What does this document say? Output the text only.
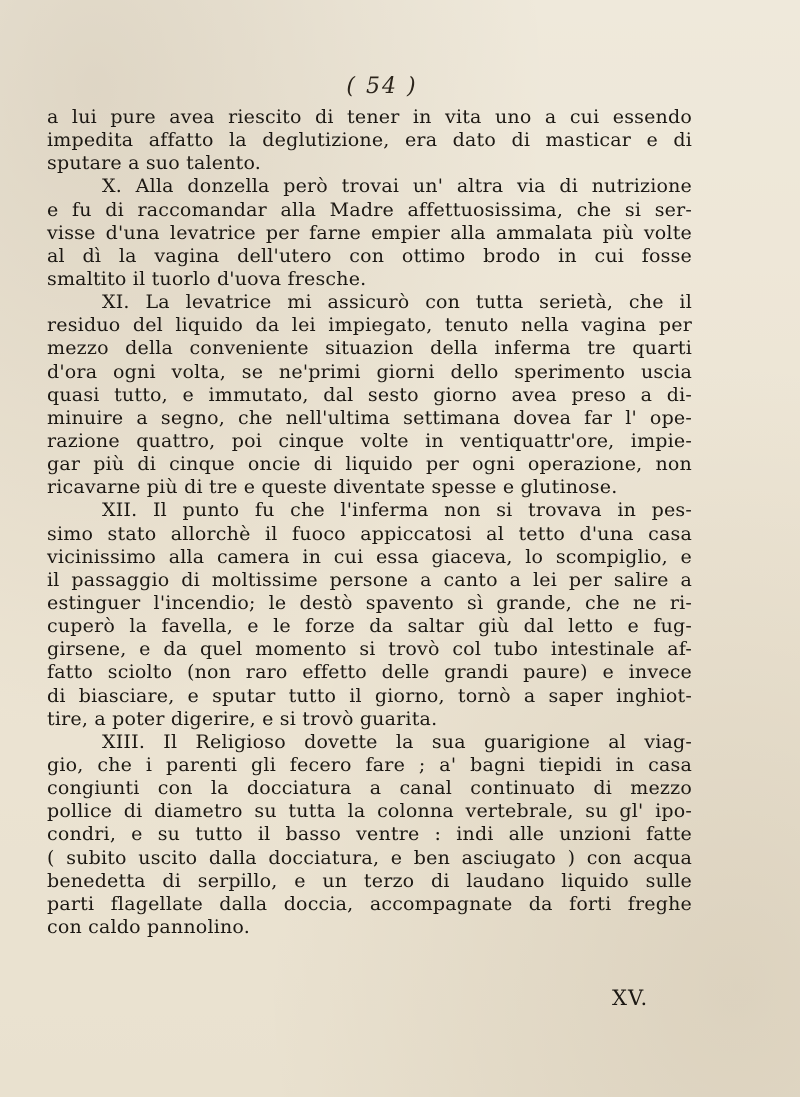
( 54 )
a lui pure avea riescito di tener in vita uno a cui essendo
impedita affatto la deglutizione, era dato di masticar e di
sputare a suo talento.
X. Alla donzella però trovai un' altra via di nutrizione
e fu di raccomandar alla Madre affettuosissima, che si ser-
visse d'una levatrice per farne empier alla ammalata più volte
al dì la vagina dell'utero con ottimo brodo in cui fosse
smaltito il tuorlo d'uova fresche.
XI. La levatrice mi assicurò con tutta serietà, che il
residuo del liquido da lei impiegato, tenuto nella vagina per
mezzo della conveniente situazion della inferma tre quarti
d'ora ogni volta, se ne'primi giorni dello sperimento uscia
quasi tutto, e immutato, dal sesto giorno avea preso a di-
minuire a segno, che nell'ultima settimana dovea far l' ope-
razione quattro, poi cinque volte in ventiquattr'ore, impie-
gar più di cinque oncie di liquido per ogni operazione, non
ricavarne più di tre e queste diventate spesse e glutinose.
XII. Il punto fu che l'inferma non si trovava in pes-
simo stato allorchè il fuoco appiccatosi al tetto d'una casa
vicinissimo alla camera in cui essa giaceva, lo scompiglio, e
il passaggio di moltissime persone a canto a lei per salire a
estinguer l'incendio; le destò spavento sì grande, che ne ri-
cuperò la favella, e le forze da saltar giù dal letto e fug-
girsene, e da quel momento si trovò col tubo intestinale af-
fatto sciolto (non raro effetto delle grandi paure) e invece
di biasciare, e sputar tutto il giorno, tornò a saper inghiot-
tire, a poter digerire, e si trovò guarita.
XIII. Il Religioso dovette la sua guarigione al viag-
gio, che i parenti gli fecero fare ; a' bagni tiepidi in casa
congiunti con la docciatura a canal continuato di mezzo
pollice di diametro su tutta la colonna vertebrale, su gl' ipo-
condri, e su tutto il basso ventre : indi alle unzioni fatte
( subito uscito dalla docciatura, e ben asciugato ) con acqua
benedetta di serpillo, e un terzo di laudano liquido sulle
parti flagellate dalla doccia, accompagnate da forti freghe
con caldo pannolino.
XV.
